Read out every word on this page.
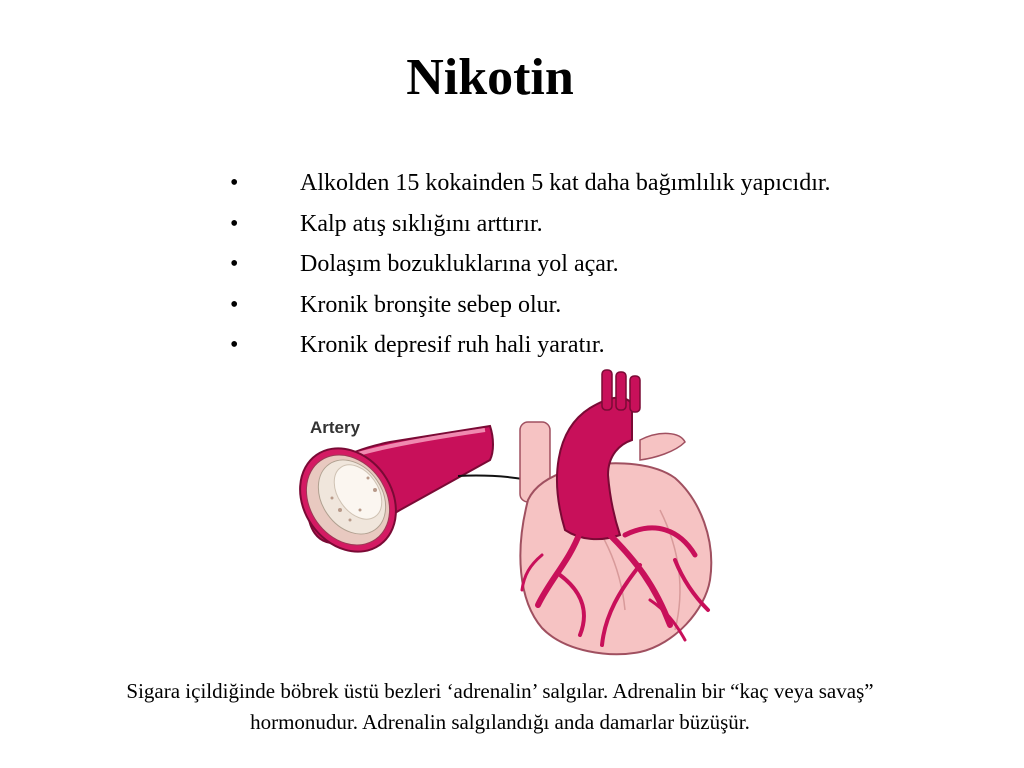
Nikotin
•	Alkolden 15 kokainden 5 kat daha bağımlılık yapıcıdır.
•	Kalp atış sıklığını arttırır.
•	Dolaşım bozukluklarına yol açar.
•	Kronik bronşite sebep olur.
•	Kronik depresif ruh hali yaratır.
Artery
Sigara içildiğinde böbrek üstü bezleri ‘adrenalin’ salgılar. Adrenalin bir “kaç veya savaş”
hormonudur. Adrenalin salgılandığı anda damarlar büzüşür.
